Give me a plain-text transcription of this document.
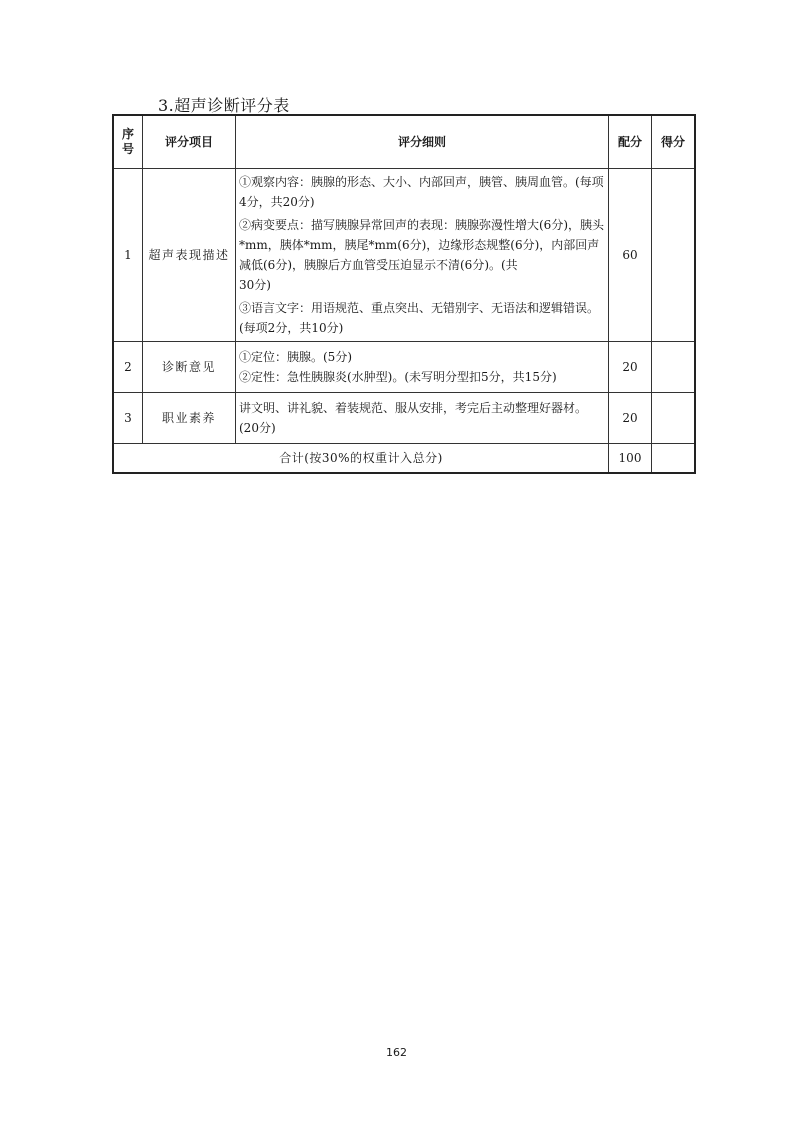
3.超声诊断评分表
序号	评分项目	评分细则	配分	得分
1	超声表现描述	①观察内容：胰腺的形态、大小、内部回声，胰管、胰周血管。(每项4分，共20分)
②病变要点：描写胰腺异常回声的表现：胰腺弥漫性增大(6分)，胰头*mm，胰体*mm，胰尾*mm(6分)，边缘形态规整(6分)，内部回声减低(6分)，胰腺后方血管受压迫显示不清(6分)。(共
30分)
③语言文字：用语规范、重点突出、无错别字、无语法和逻辑错误。(每项2分，共10分)	60	
2	诊断意见	①定位：胰腺。(5分)
②定性：急性胰腺炎(水肿型)。(未写明分型扣5分，共15分)	20	
3	职业素养	讲文明、讲礼貌、着装规范、服从安排，考完后主动整理好器材。(20分)	20	
合计(按30%的权重计入总分)			100	
162
